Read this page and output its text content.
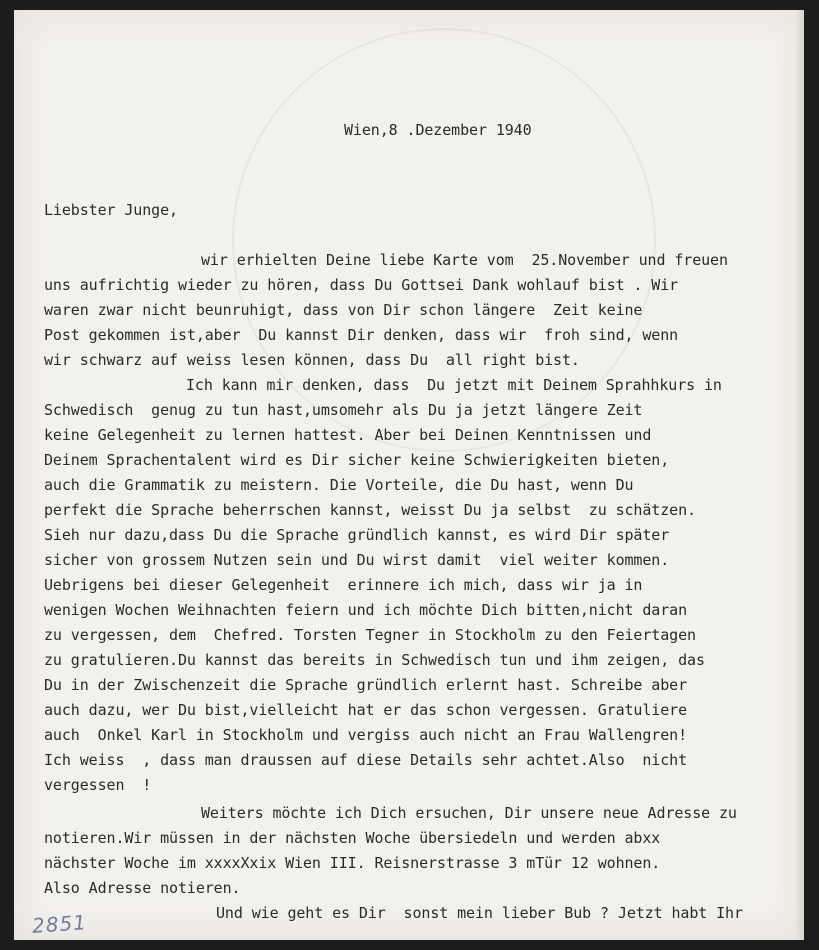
Wien,8 .Dezember 1940
Liebster Junge,
wir erhielten Deine liebe Karte vom  25.November und freuen
uns aufrichtig wieder zu hören, dass Du Gottsei Dank wohlauf bist . Wir
waren zwar nicht beunruhigt, dass von Dir schon längere  Zeit keine
Post gekommen ist,aber  Du kannst Dir denken, dass wir  froh sind, wenn
wir schwarz auf weiss lesen können, dass Du  all right bist.
Ich kann mir denken, dass  Du jetzt mit Deinem Sprahhkurs in
Schwedisch  genug zu tun hast,umsomehr als Du ja jetzt längere Zeit
keine Gelegenheit zu lernen hattest. Aber bei Deinen Kenntnissen und
Deinem Sprachentalent wird es Dir sicher keine Schwierigkeiten bieten,
auch die Grammatik zu meistern. Die Vorteile, die Du hast, wenn Du
perfekt die Sprache beherrschen kannst, weisst Du ja selbst  zu schätzen.
Sieh nur dazu,dass Du die Sprache gründlich kannst, es wird Dir später
sicher von grossem Nutzen sein und Du wirst damit  viel weiter kommen.
Uebrigens bei dieser Gelegenheit  erinnere ich mich, dass wir ja in
wenigen Wochen Weihnachten feiern und ich möchte Dich bitten,nicht daran
zu vergessen, dem  Chefred. Torsten Tegner in Stockholm zu den Feiertagen
zu gratulieren.Du kannst das bereits in Schwedisch tun und ihm zeigen, das
Du in der Zwischenzeit die Sprache gründlich erlernt hast. Schreibe aber
auch dazu, wer Du bist,vielleicht hat er das schon vergessen. Gratuliere
auch  Onkel Karl in Stockholm und vergiss auch nicht an Frau Wallengren!
Ich weiss  , dass man draussen auf diese Details sehr achtet.Also  nicht
vergessen  !
Weiters möchte ich Dich ersuchen, Dir unsere neue Adresse zu
notieren.Wir müssen in der nächsten Woche übersiedeln und werden abxx
nächster Woche im xxxxXxix Wien III. Reisnerstrasse 3 mTür 12 wohnen.
Also Adresse notieren.
Und wie geht es Dir  sonst mein lieber Bub ? Jetzt habt Ihr
2851
